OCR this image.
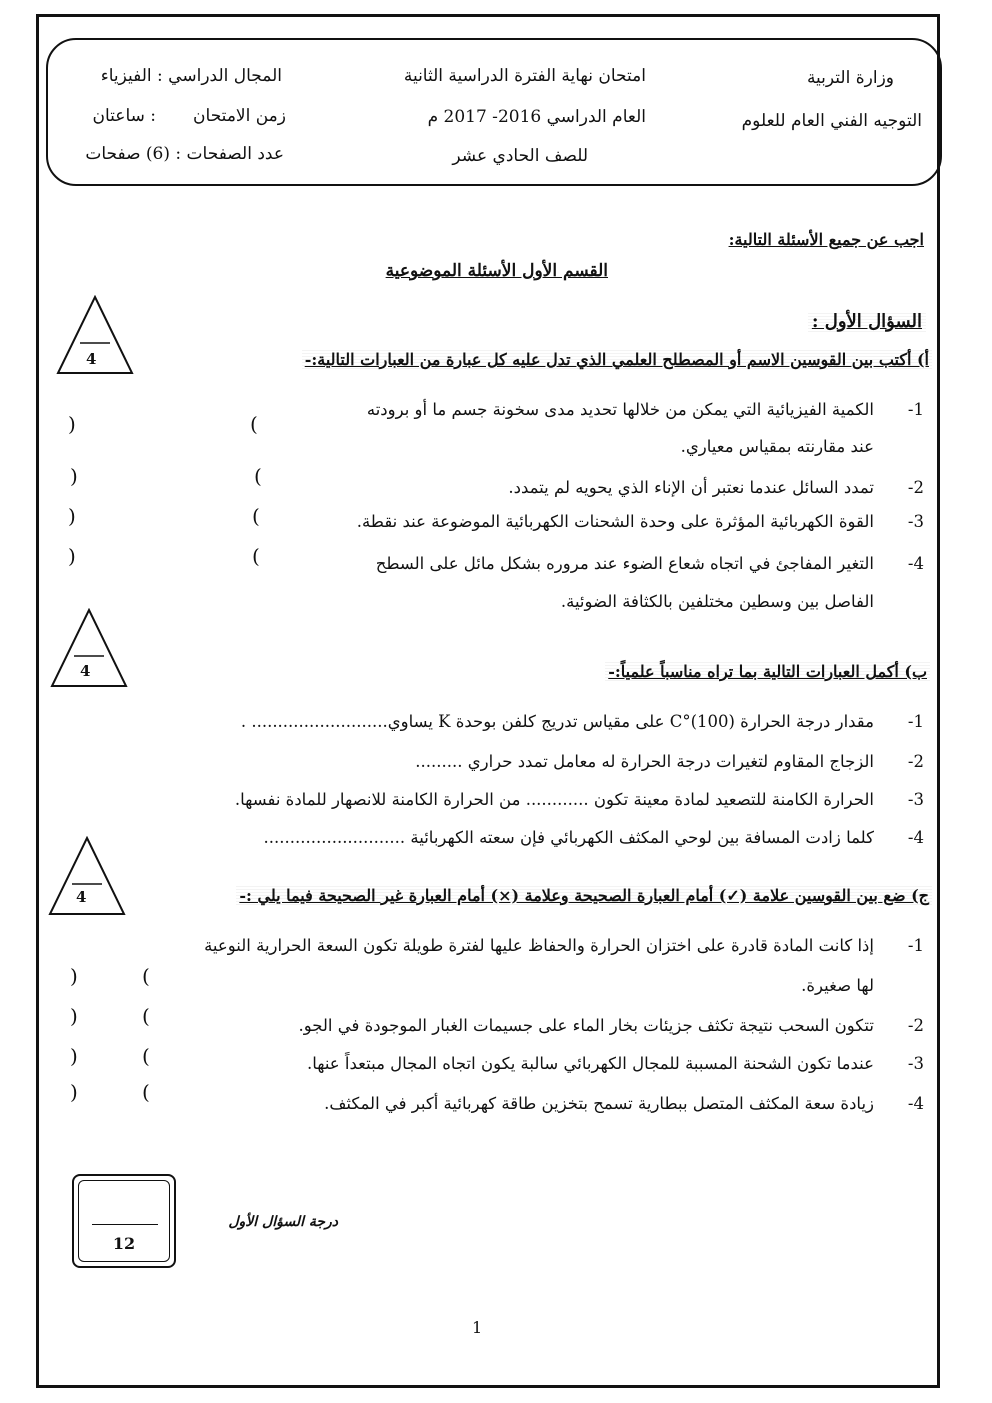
وزارة التربية
التوجيه الفني العام للعلوم
امتحان نهاية الفترة الدراسية الثانية
العام الدراسي 2016- 2017 م
للصف الحادي عشر
المجال الدراسي : الفيزياء
زمن الامتحان
: ساعتان
عدد الصفحات : (6) صفحات
اجب عن جميع الأسئلة التالية:
القسم الأول الأسئلة الموضوعية
السؤال الأول :
4
4
4
أ) أكتب بين القوسين الاسم أو المصطلح العلمي الذي تدل عليه كل عبارة من العبارات التالية:-
1-
الكمية الفيزيائية التي يمكن من خلالها تحديد مدى سخونة جسم ما أو برودته
عند مقارنته بمقياس معياري.
2-
تمدد السائل عندما نعتبر أن الإناء الذي يحويه لم يتمدد.
3-
القوة الكهربائية المؤثرة على وحدة الشحنات الكهربائية الموضوعة عند نقطة.
4-
التغير المفاجئ في اتجاه شعاع الضوء عند مروره بشكل مائل على السطح
الفاصل بين وسطين مختلفين بالكثافة الضوئية.
(
)
(
)
(
)
(
)
ب) أكمل العبارات التالية بما تراه مناسباً علمياً:-
1-
مقدار درجة الحرارة (100)°C على مقياس تدريج كلفن بوحدة K يساوي.......................... .
2-
الزجاج المقاوم لتغيرات درجة الحرارة له معامل تمدد حراري .........
3-
الحرارة الكامنة للتصعيد لمادة معينة تكون ............ من الحرارة الكامنة للانصهار للمادة نفسها.
4-
كلما زادت المسافة بين لوحي المكثف الكهربائي فإن سعته الكهربائية ...........................
ج) ضع بين القوسين علامة (✓) أمام العبارة الصحيحة وعلامة (×) أمام العبارة غير الصحيحة فيما يلي :-
1-
إذا كانت المادة قادرة على اختزان الحرارة والحفاظ عليها لفترة طويلة تكون السعة الحرارية النوعية
لها صغيرة.
2-
تتكون السحب نتيجة تكثف جزيئات بخار الماء على جسيمات الغبار الموجودة في الجو.
3-
عندما تكون الشحنة المسببة للمجال الكهربائي سالبة يكون اتجاه المجال مبتعداً عنها.
4-
زيادة سعة المكثف المتصل ببطارية تسمح بتخزين طاقة كهربائية أكبر في المكثف.
(
)
(
)
(
)
(
)
12
درجة السؤال الأول
1
